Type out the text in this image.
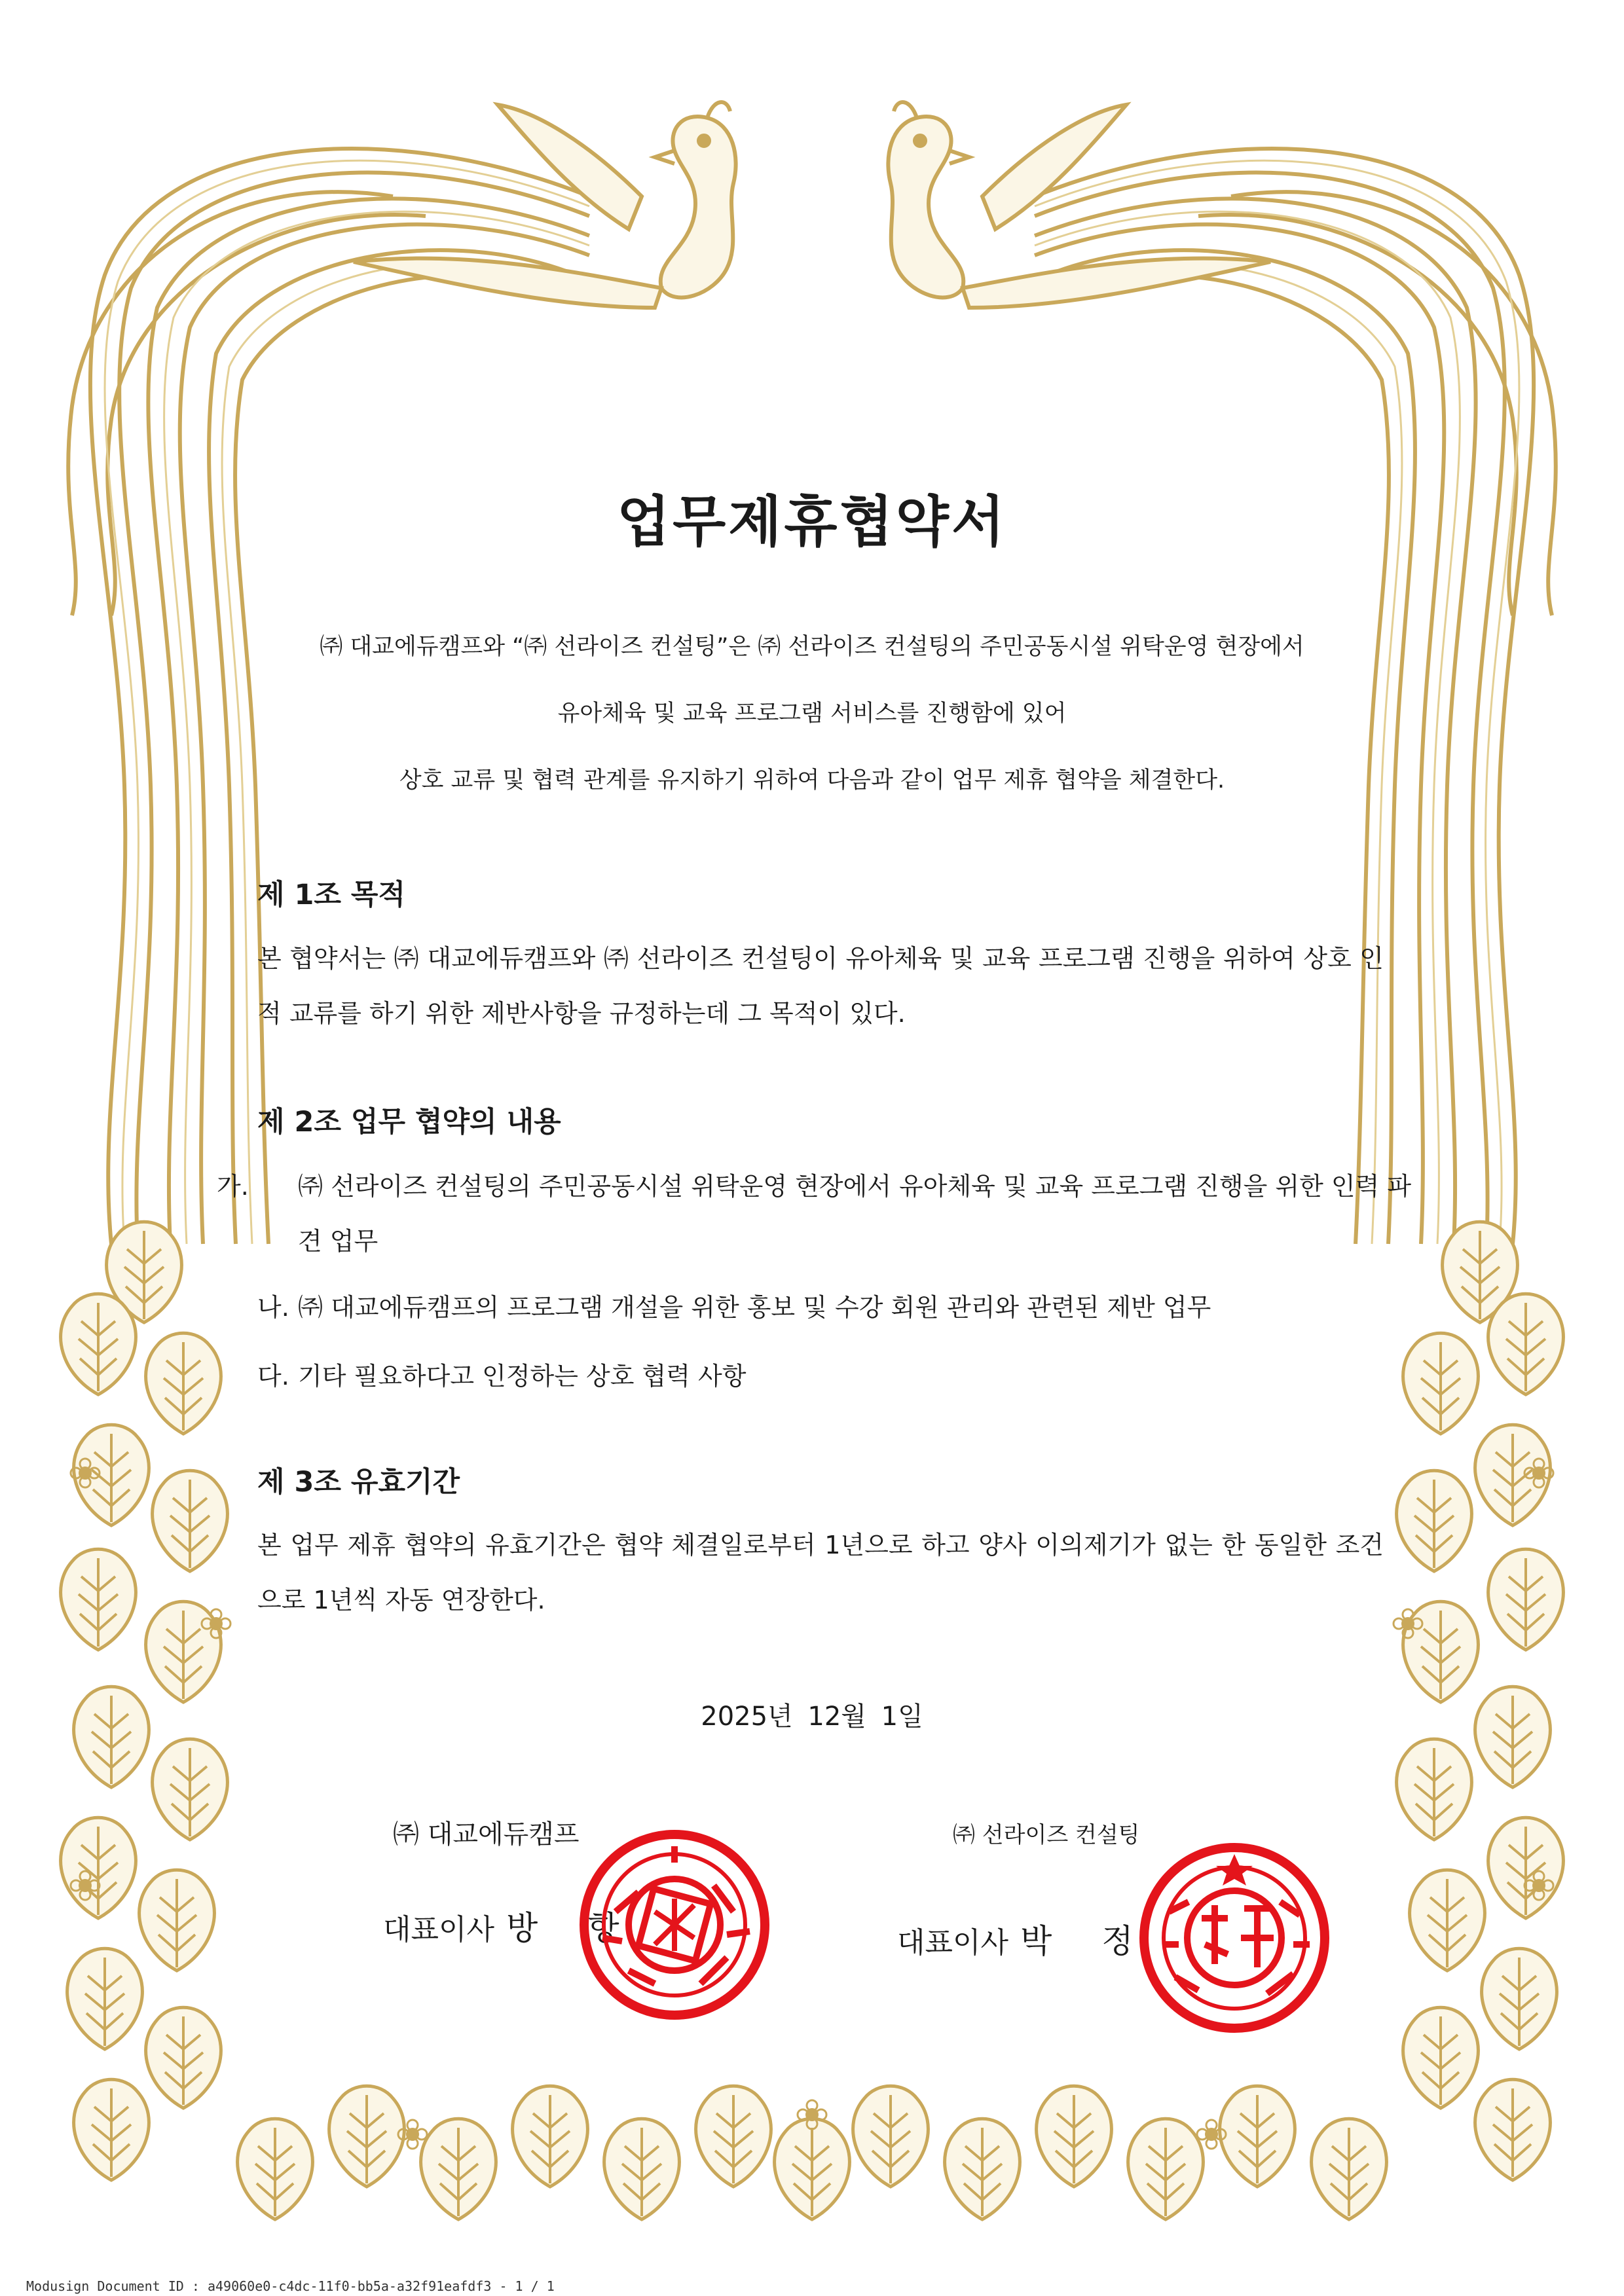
업무제휴협약서
㈜ 대교에듀캠프와 “㈜ 선라이즈 컨설팅”은 ㈜ 선라이즈 컨설팅의 주민공동시설 위탁운영 현장에서
유아체육 및 교육 프로그램 서비스를 진행함에 있어
상호 교류 및 협력 관계를 유지하기 위하여 다음과 같이 업무 제휴 협약을 체결한다.
제 1조 목적
본 협약서는 ㈜ 대교에듀캠프와 ㈜ 선라이즈 컨설팅이 유아체육 및 교육 프로그램 진행을 위하여 상호 인적 교류를 하기 위한 제반사항을 규정하는데 그 목적이 있다.
제 2조 업무 협약의 내용
가. ㈜ 선라이즈 컨설팅의 주민공동시설 위탁운영 현장에서 유아체육 및 교육 프로그램 진행을 위한 인력 파견 업무
나. ㈜ 대교에듀캠프의 프로그램 개설을 위한 홍보 및 수강 회원 관리와 관련된 제반 업무
다. 기타 필요하다고 인정하는 상호 협력 사항
제 3조 유효기간
본 업무 제휴 협약의 유효기간은 협약 체결일로부터 1년으로 하고 양사 이의제기가 없는 한 동일한 조건으로 1년씩 자동 연장한다.
2025년 12월 1일
㈜ 대교에듀캠프
대표이사 방 항
㈜ 선라이즈 컨설팅
대표이사 박 정
Modusign Document ID : a49060e0-c4dc-11f0-bb5a-a32f91eafdf3 - 1 / 1
